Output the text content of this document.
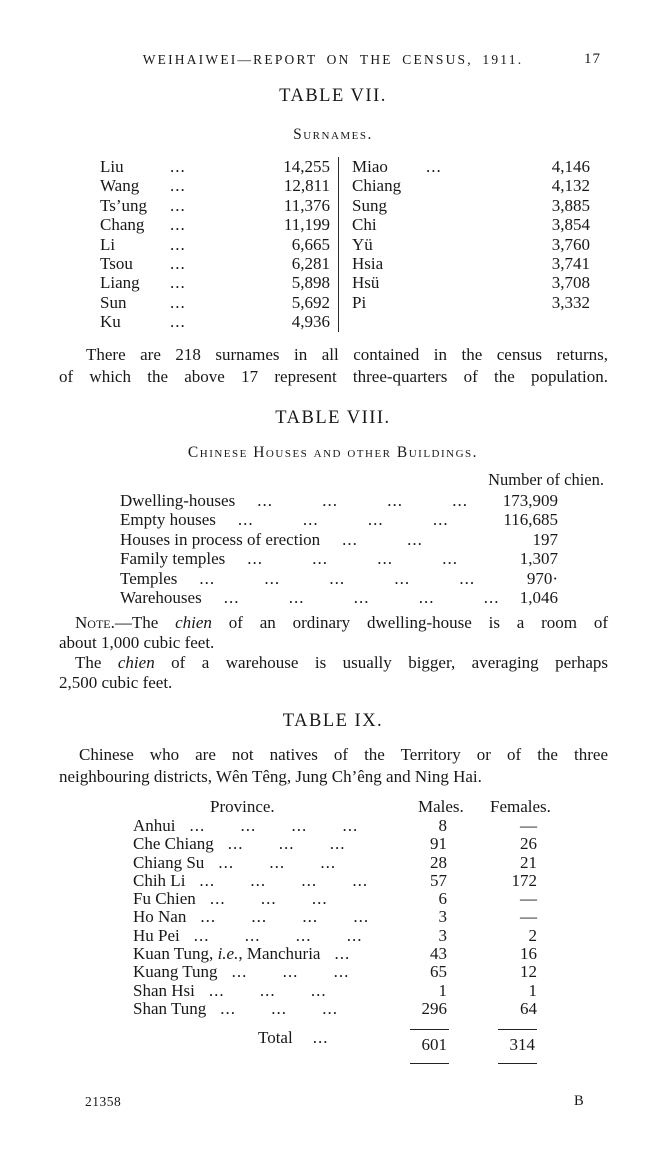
WEIHAIWEI—REPORT ON THE CENSUS, 1911.	17
TABLE VII.
Surnames.
Liu	...	14,255
Wang	...	12,811
Ts’ung	...	11,376
Chang	...	11,199
Li	...	6,665
Tsou	...	6,281
Liang	...	5,898
Sun	...	5,692
Ku	...	4,936
Miao	...	4,146
Chiang	4,132
Sung	3,885
Chi	3,854
Yü	3,760
Hsia	3,741
Hsü	3,708
Pi	3,332
There are 218 surnames in all contained in the census returns,
of which the above 17 represent three-quarters of the population.
TABLE VIII.
Chinese Houses and other Buildings.
Number of chien.
Dwelling-houses	... ... ... ...	173,909
Empty houses	... ... ... ...	116,685
Houses in process of erection	... ...	197
Family temples	... ... ... ...	1,307
Temples	... ... ... ... ...	970·
Warehouses	... ... ... ... ...	1,046
Note.—The chien of an ordinary dwelling-house is a room of
about 1,000 cubic feet.
The chien of a warehouse is usually bigger, averaging perhaps
2,500 cubic feet.
TABLE IX.
Chinese who are not natives of the Territory or of the three
neighbouring districts, Wên Têng, Jung Ch’êng and Ning Hai.
Province.	Males. Females.
Anhui ... ... ... ...	8	—
Che Chiang ... ... ...	91	26
Chiang Su ... ... ...	28	21
Chih Li ... ... ... ...	57	172
Fu Chien ... ... ...	6	—
Ho Nan ... ... ... ...	3	—
Hu Pei ... ... ... ...	3	2
Kuan Tung, i.e., Manchuria ...	43	16
Kuang Tung ... ... ...	65	12
Shan Hsi ... ... ...	1	1
Shan Tung ... ... ...	296	64
Total ...	601	314
21358	B
